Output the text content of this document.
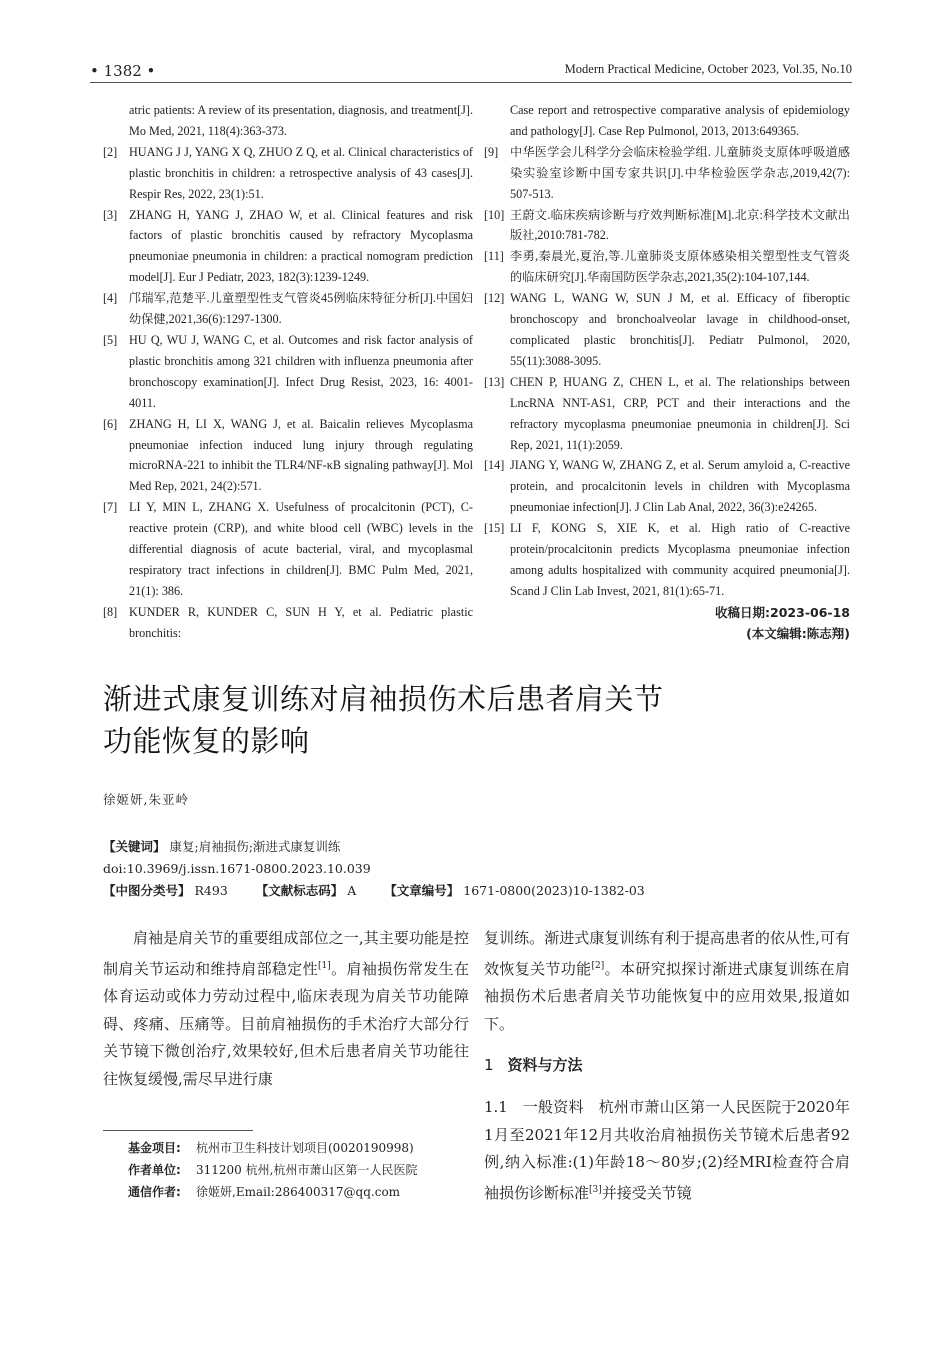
• 1382 •	Modern Practical Medicine, October 2023, Vol.35, No.10
atric patients: A review of its presentation, diagnosis, and treatment[J]. Mo Med, 2021, 118(4):363-373.
[2] HUANG J J, YANG X Q, ZHUO Z Q, et al. Clinical characteristics of plastic bronchitis in children: a retrospective analysis of 43 cases[J]. Respir Res, 2022, 23(1):51.
[3] ZHANG H, YANG J, ZHAO W, et al. Clinical features and risk factors of plastic bronchitis caused by refractory Mycoplasma pneumoniae pneumonia in children: a practical nomogram prediction model[J]. Eur J Pediatr, 2023, 182(3):1239-1249.
[4] 邝瑞军,范楚平.儿童塑型性支气管炎45例临床特征分析[J].中国妇幼保健,2021,36(6):1297-1300.
[5] HU Q, WU J, WANG C, et al. Outcomes and risk factor analysis of plastic bronchitis among 321 children with influenza pneumonia after bronchoscopy examination[J]. Infect Drug Resist, 2023, 16: 4001-4011.
[6] ZHANG H, LI X, WANG J, et al. Baicalin relieves Mycoplasma pneumoniae infection induced lung injury through regulating microRNA-221 to inhibit the TLR4/NF-κB signaling pathway[J]. Mol Med Rep, 2021, 24(2):571.
[7] LI Y, MIN L, ZHANG X. Usefulness of procalcitonin (PCT), C-reactive protein (CRP), and white blood cell (WBC) levels in the differential diagnosis of acute bacterial, viral, and mycoplasmal respiratory tract infections in children[J]. BMC Pulm Med, 2021, 21(1): 386.
[8] KUNDER R, KUNDER C, SUN H Y, et al. Pediatric plastic bronchitis:
Case report and retrospective comparative analysis of epidemiology and pathology[J]. Case Rep Pulmonol, 2013, 2013:649365.
[9] 中华医学会儿科学分会临床检验学组. 儿童肺炎支原体呼吸道感染实验室诊断中国专家共识[J].中华检验医学杂志,2019,42(7): 507-513.
[10] 王蔚文.临床疾病诊断与疗效判断标准[M].北京:科学技术文献出版社,2010:781-782.
[11] 李勇,秦晨光,夏治,等.儿童肺炎支原体感染相关塑型性支气管炎的临床研究[J].华南国防医学杂志,2021,35(2):104-107,144.
[12] WANG L, WANG W, SUN J M, et al. Efficacy of fiberoptic bronchoscopy and bronchoalveolar lavage in childhood-onset, complicated plastic bronchitis[J]. Pediatr Pulmonol, 2020, 55(11):3088-3095.
[13] CHEN P, HUANG Z, CHEN L, et al. The relationships between LncRNA NNT-AS1, CRP, PCT and their interactions and the refractory mycoplasma pneumoniae pneumonia in children[J]. Sci Rep, 2021, 11(1):2059.
[14] JIANG Y, WANG W, ZHANG Z, et al. Serum amyloid a, C-reactive protein, and procalcitonin levels in children with Mycoplasma pneumoniae infection[J]. J Clin Lab Anal, 2022, 36(3):e24265.
[15] LI F, KONG S, XIE K, et al. High ratio of C-reactive protein/procalcitonin predicts Mycoplasma pneumoniae infection among adults hospitalized with community acquired pneumonia[J]. Scand J Clin Lab Invest, 2021, 81(1):65-71.
收稿日期:2023-06-18
(本文编辑:陈志翔)
渐进式康复训练对肩袖损伤术后患者肩关节
功能恢复的影响
徐姬妍,朱亚岭
【关键词】 康复;肩袖损伤;渐进式康复训练
doi:10.3969/j.issn.1671-0800.2023.10.039
【中图分类号】 R493 【文献标志码】 A 【文章编号】 1671-0800(2023)10-1382-03

肩袖是肩关节的重要组成部位之一,其主要功能是控制肩关节运动和维持肩部稳定性[1]。肩袖损伤常发生在体育运动或体力劳动过程中,临床表现为肩关节功能障碍、疼痛、压痛等。目前肩袖损伤的手术治疗大部分行关节镜下微创治疗,效果较好,但术后患者肩关节功能往往恢复缓慢,需尽早进行康

复训练。渐进式康复训练有利于提高患者的依从性,可有效恢复关节功能[2]。本研究拟探讨渐进式康复训练在肩袖损伤术后患者肩关节功能恢复中的应用效果,报道如下。

1 资料与方法

1.1 一般资料 杭州市萧山区第一人民医院于2020年1月至2021年12月共收治肩袖损伤关节镜术后患者92例,纳入标准:(1)年龄18～80岁;(2)经MRI检查符合肩袖损伤诊断标准[3]并接受关节镜

基金项目: 杭州市卫生科技计划项目(0020190998)
作者单位: 311200 杭州,杭州市萧山区第一人民医院
通信作者: 徐姬妍,Email:286400317@qq.com
